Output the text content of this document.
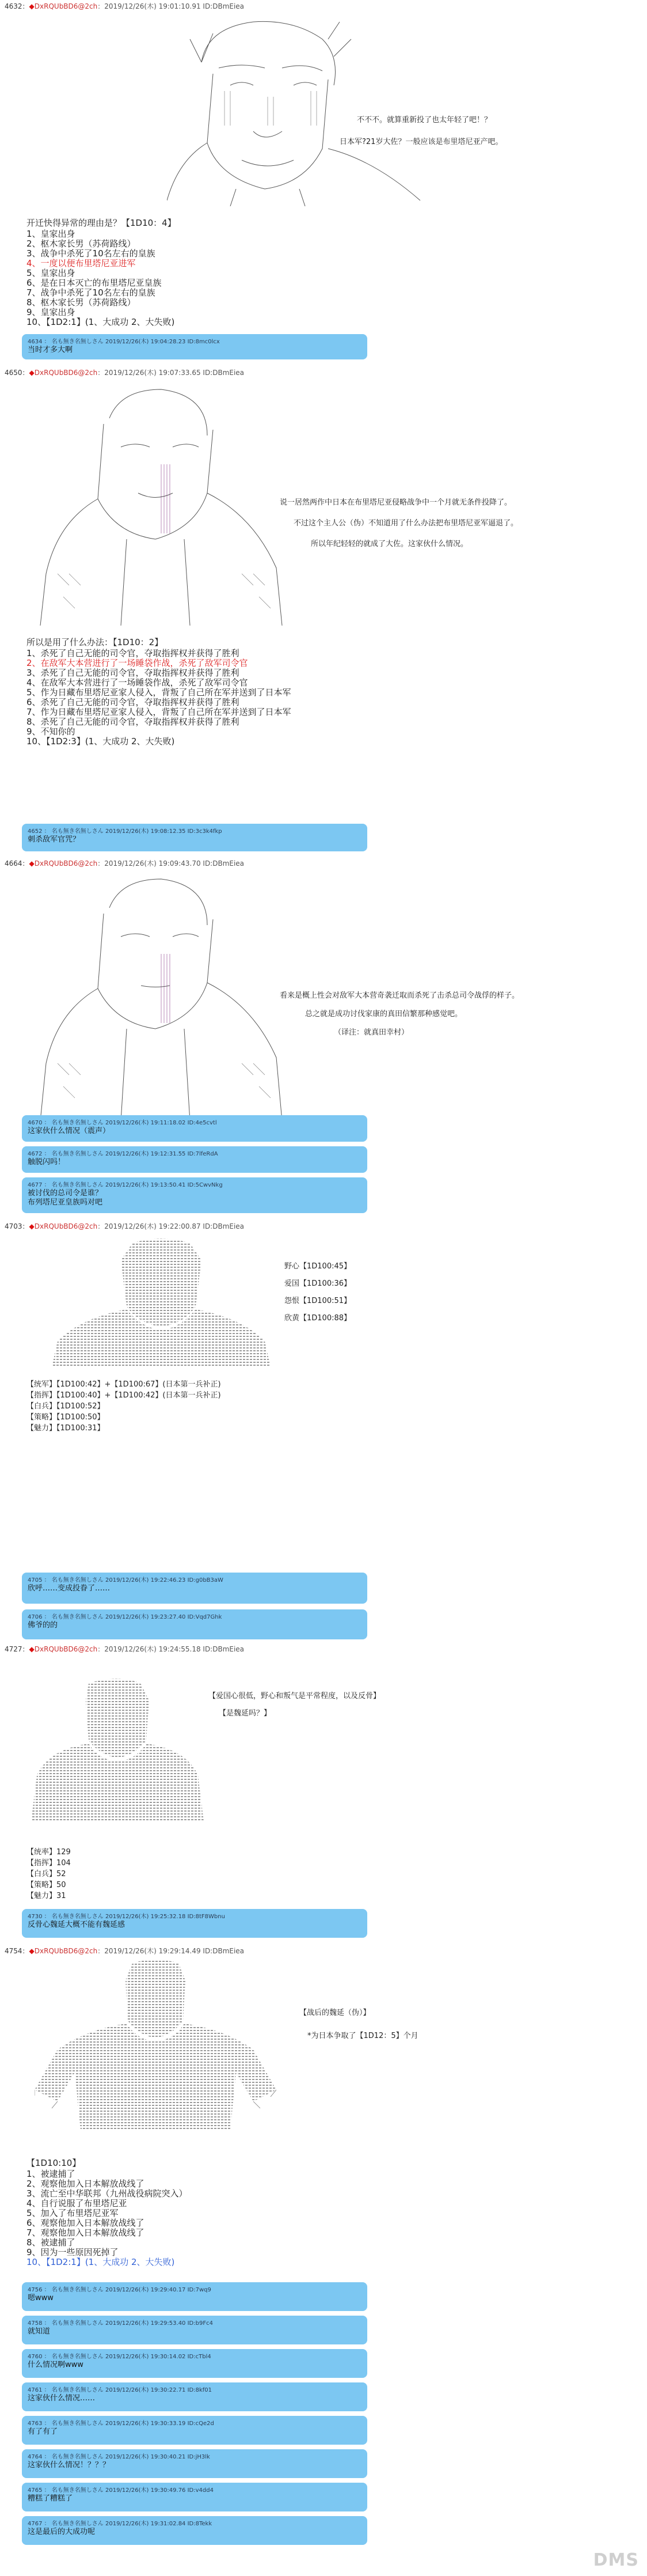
4632：◆DxRQUbBD6@2ch：2019/12/26(木) 19:01:10.91 ID:DBmEiea
不不不。就算重新投了也太年轻了吧！？
日本军?21岁大佐？一般应该是布里塔尼亚产吧。
开迁快得异常的理由是？【1D10：4】
1、皇家出身
2、枢木家长男（苏荷路线）
3、战争中杀死了10名左右的皇族
4、一度以便布里塔尼亚进军
5、皇家出身
6、是在日本灭亡的布里塔尼亚皇族
7、战争中杀死了10名左右的皇族
8、枢木家长男（苏荷路线）
9、皇家出身
10、【1D2:1】(1、大成功 2、大失败)
4634 ： 名も無き名無しさん 2019/12/26(木) 19:04:28.23 ID:8mc0lcx
当时才多大啊
4650：◆DxRQUbBD6@2ch：2019/12/26(木) 19:07:33.65 ID:DBmEiea
说一居然两作中日本在布里塔尼亚侵略战争中一个月就无条件投降了。
不过这个主人公（伪）不知道用了什么办法把布里塔尼亚军逼退了。
所以年纪轻轻的就成了大佐。这家伙什么情况。
所以是用了什么办法：【1D10：2】
1、杀死了自己无能的司令官，夺取指挥权并获得了胜利
2、在敌军大本营进行了一场睡袋作战，杀死了敌军司令官
3、杀死了自己无能的司令官，夺取指挥权并获得了胜利
4、在敌军大本营进行了一场睡袋作战，杀死了敌军司令官
5、作为日藏布里塔尼亚家人侵入，背叛了自己所在军并送到了日本军
6、杀死了自己无能的司令官，夺取指挥权并获得了胜利
7、作为日藏布里塔尼亚家人侵入，背叛了自己所在军并送到了日本军
8、杀死了自己无能的司令官，夺取指挥权并获得了胜利
9、不知你的
10、【1D2:3】(1、大成功 2、大失败)
4652 ： 名も無き名無しさん 2019/12/26(木) 19:08:12.35 ID:3c3k4fkp
刺杀敌军官咒？
4664：◆DxRQUbBD6@2ch：2019/12/26(木) 19:09:43.70 ID:DBmEiea
看来是概上性会对敌军大本营奇袭迁取而杀死了击杀总司令战俘的样子。
总之就是成功讨伐家康的真田信繁那种感觉吧。
（译注：就真田幸村）
4670 ： 名も無き名無しさん 2019/12/26(木) 19:11:18.02 ID:4e5cvtl
这家伙什么情况（震声）
4672 ： 名も無き名無しさん 2019/12/26(木) 19:12:31.55 ID:7lfeRdA
触脱闪吗！
4677 ： 名も無き名無しさん 2019/12/26(木) 19:13:50.41 ID:5CwvNkg
被讨伐的总司令是谁？
布列塔尼亚皇族吗对吧
4703：◆DxRQUbBD6@2ch：2019/12/26(木) 19:22:00.87 ID:DBmEiea
野心【1D100:45】
爱国【1D100:36】
怨恨【1D100:51】
欣黄【1D100:88】
【统军】【1D100:42】+【1D100:67】(日本第一兵补正)
【指挥】【1D100:40】+【1D100:42】(日本第一兵补正)
【白兵】【1D100:52】
【策略】【1D100:50】
【魅力】【1D100:31】
4705 ： 名も無き名無しさん 2019/12/26(木) 19:22:46.23 ID:g0bB3aW
欣呼……变成投眷了……
4706 ： 名も無き名無しさん 2019/12/26(木) 19:23:27.40 ID:Vqd7Ghk
佛爷的的
4727：◆DxRQUbBD6@2ch：2019/12/26(木) 19:24:55.18 ID:DBmEiea
【爱国心很低，野心和叛气是平常程度，以及反骨】
【是魏延吗？】
【统率】129
【指挥】104
【白兵】52
【策略】50
【魅力】31
4730 ： 名も無き名無しさん 2019/12/26(木) 19:25:32.18 ID:8tF8Wbnu
反骨心魏延大概不能有魏延感
4754：◆DxRQUbBD6@2ch：2019/12/26(木) 19:29:14.49 ID:DBmEiea
【战后的魏延（伪）】
*为日本争取了【1D12：5】个月
【1D10:10】
1、被逮捕了
2、观察他加入日本解放战线了
3、流亡至中华联邦（九州战役病院突入）
4、自行说服了布里塔尼亚
5、加入了布里塔尼亚军
6、观察他加入日本解放战线了
7、观察他加入日本解放战线了
8、被逮捕了
9、因为一些原因死掉了
10、【1D2:1】(1、大成功 2、大失败)
4756 ： 名も無き名無しさん 2019/12/26(木) 19:29:40.17 ID:7wq9
嗯www
4758 ： 名も無き名無しさん 2019/12/26(木) 19:29:53.40 ID:b9Fc4
就知道
4760 ： 名も無き名無しさん 2019/12/26(木) 19:30:14.02 ID:cTbl4
什么情况啊www
4761 ： 名も無き名無しさん 2019/12/26(木) 19:30:22.71 ID:8kf01
这家伙什么情况……
4763 ： 名も無き名無しさん 2019/12/26(木) 19:30:33.19 ID:cQe2d
有了有了
4764 ： 名も無き名無しさん 2019/12/26(木) 19:30:40.21 ID:jH3lk
这家伙什么情况！？？？
4765 ： 名も無き名無しさん 2019/12/26(木) 19:30:49.76 ID:v4dd4
糟糕了糟糕了
4767 ： 名も無き名無しさん 2019/12/26(木) 19:31:02.84 ID:8Tekk
这是最后的大成功呢
DMS
